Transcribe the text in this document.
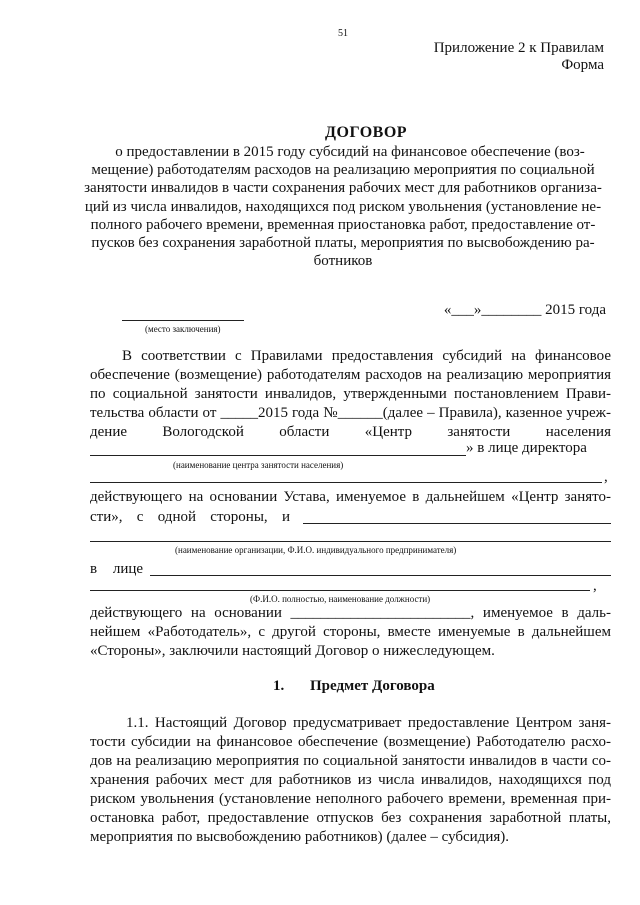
51
Приложение 2 к Правилам
Форма
ДОГОВОР
о предоставлении в 2015 году субсидий на финансовое обеспечение (воз-
мещение) работодателям расходов на реализацию мероприятия по социальной
занятости инвалидов в части сохранения рабочих мест для работников организа-
ций из числа инвалидов, находящихся под риском увольнения (установление не-
полного рабочего времени, временная приостановка работ, предоставление от-
пусков без сохранения заработной платы, мероприятия по высвобождению ра-
ботников
(место заключения)
«___»________ 2015 года
В соответствии с Правилами предоставления субсидий на финансовое
обеспечение (возмещение) работодателям расходов на реализацию мероприятия
по социальной занятости инвалидов, утвержденными постановлением Прави-
тельства области от _____2015 года №______(далее – Правила), казенное учреж-
дение Вологодской области «Центр занятости населения
» в лице директора
(наименование центра занятости населения)
,
действующего на основании Устава, именуемое в дальнейшем «Центр занято-
сти», с одной стороны, и
(наименование организации, Ф.И.О. индивидуального предпринимателя)
в лице
,
(Ф.И.О. полностью, наименование должности)
действующего на основании ________________________, именуемое в даль-
нейшем «Работодатель», с другой стороны, вместе именуемые в дальнейшем
«Стороны», заключили настоящий Договор о нижеследующем.
1. Предмет Договора
1.1. Настоящий Договор предусматривает предоставление Центром заня-
тости субсидии на финансовое обеспечение (возмещение) Работодателю расхо-
дов на реализацию мероприятия по социальной занятости инвалидов в части со-
хранения рабочих мест для работников из числа инвалидов, находящихся под
риском увольнения (установление неполного рабочего времени, временная при-
остановка работ, предоставление отпусков без сохранения заработной платы,
мероприятия по высвобождению работников) (далее – субсидия).
